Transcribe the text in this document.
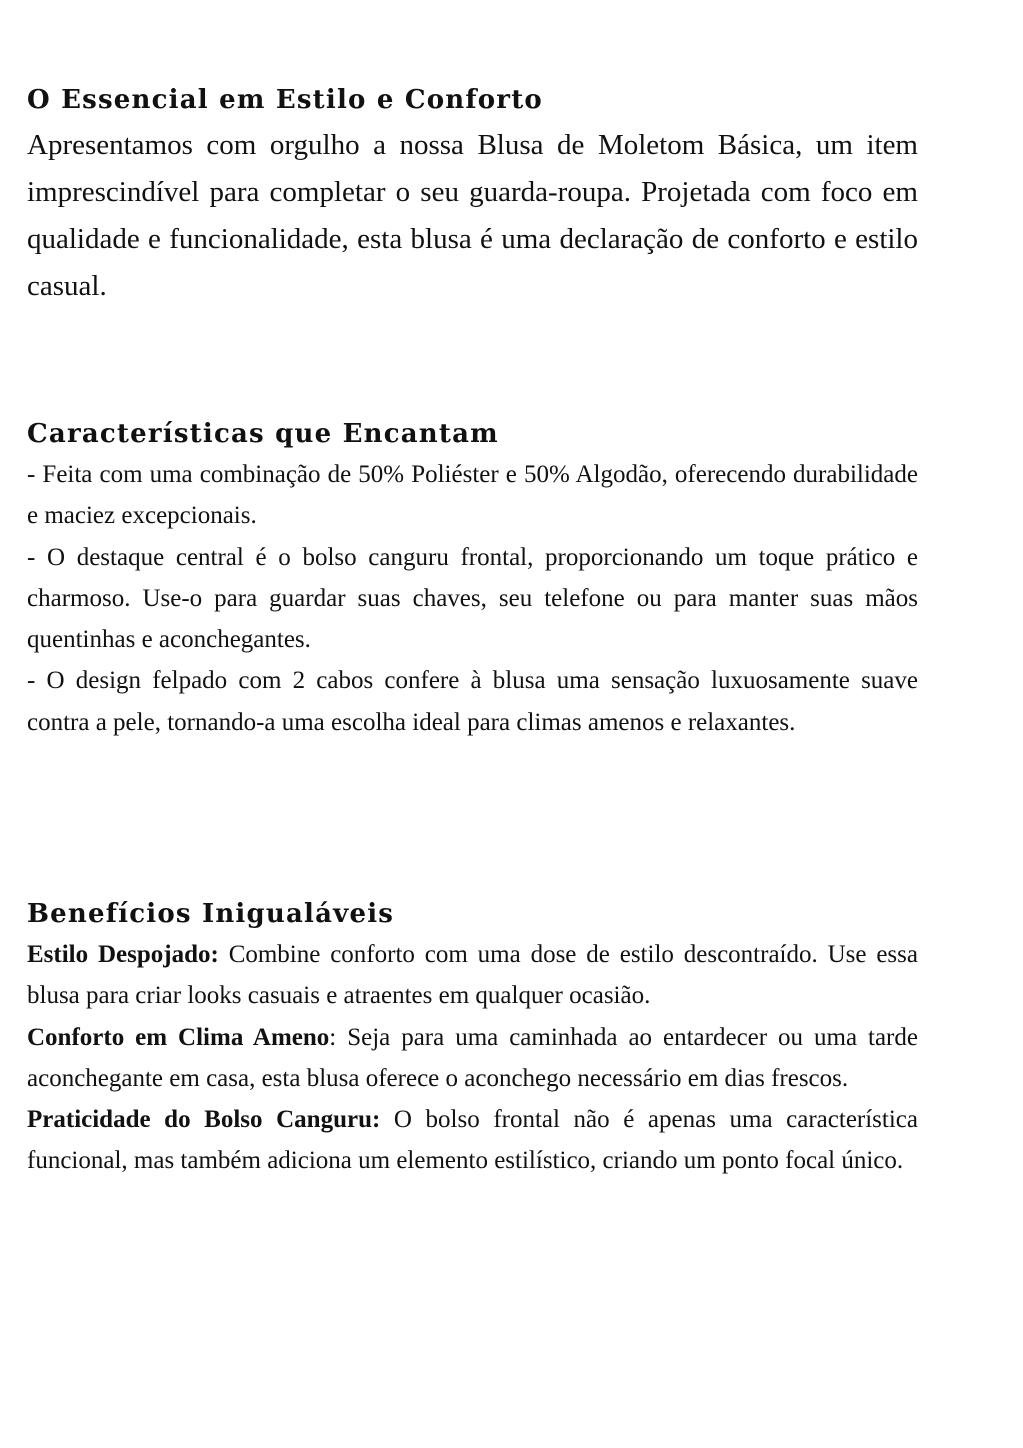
O Essencial em Estilo e Conforto

Apresentamos com orgulho a nossa Blusa de Moletom Básica, um item imprescindível para completar o seu guarda-roupa. Projetada com foco em qualidade e funcionalidade, esta blusa é uma declaração de conforto e estilo casual.

Características que Encantam

- Feita com uma combinação de 50% Poliéster e 50% Algodão, oferecendo durabilidade e maciez excepcionais.

- O destaque central é o bolso canguru frontal, proporcionando um toque prático e charmoso. Use-o para guardar suas chaves, seu telefone ou para manter suas mãos quentinhas e aconchegantes.

- O design felpado com 2 cabos confere à blusa uma sensação luxuosamente suave contra a pele, tornando-a uma escolha ideal para climas amenos e relaxantes.

Benefícios Inigualáveis

Estilo Despojado: Combine conforto com uma dose de estilo descontraído. Use essa blusa para criar looks casuais e atraentes em qualquer ocasião.

Conforto em Clima Ameno: Seja para uma caminhada ao entardecer ou uma tarde aconchegante em casa, esta blusa oferece o aconchego necessário em dias frescos.

Praticidade do Bolso Canguru: O bolso frontal não é apenas uma característica funcional, mas também adiciona um elemento estilístico, criando um ponto focal único.
